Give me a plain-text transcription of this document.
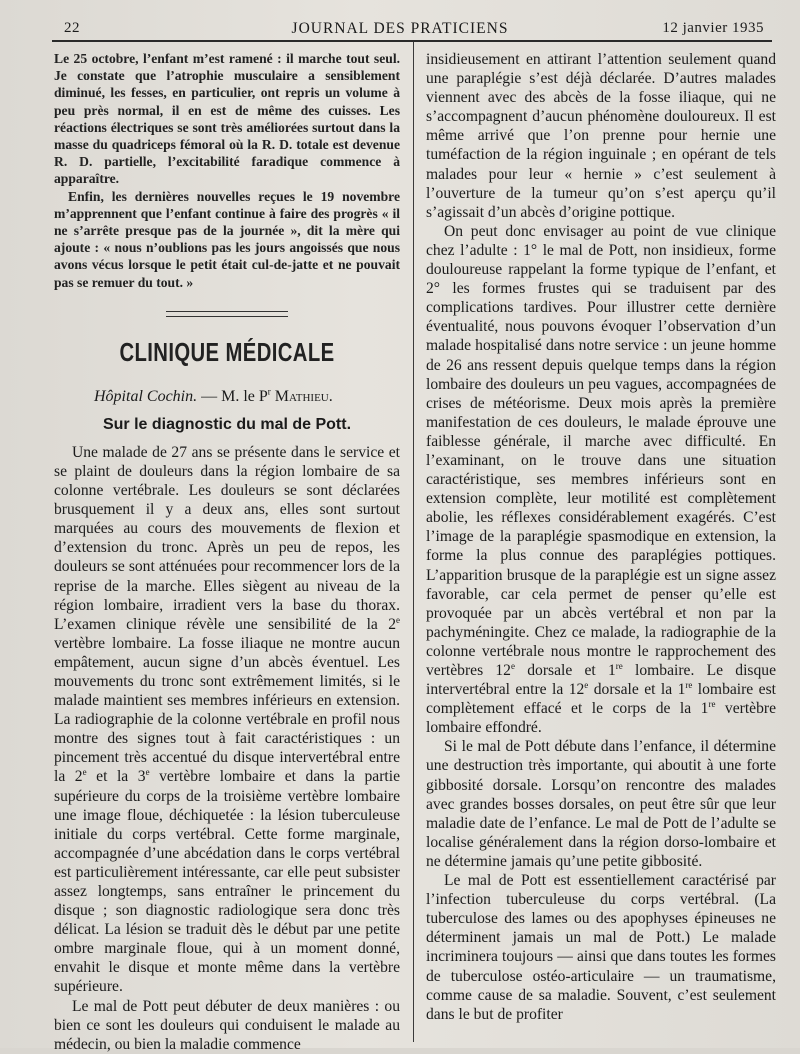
22	JOURNAL DES PRATICIENS	12 janvier 1935

Le 25 octobre, l’enfant m’est ramené : il marche tout seul. Je constate que l’atrophie musculaire a sensiblement diminué, les fesses, en particulier, ont repris un volume à peu près normal, il en est de même des cuisses. Les réactions électriques se sont très améliorées surtout dans la masse du quadriceps fémoral où la R. D. totale est devenue R. D. partielle, l’excitabilité faradique commence à apparaître.

Enfin, les dernières nouvelles reçues le 19 novembre m’apprennent que l’enfant continue à faire des progrès « il ne s’arrête presque pas de la journée », dit la mère qui ajoute : « nous n’oublions pas les jours angoissés que nous avons vécus lorsque le petit était cul-de-jatte et ne pouvait pas se remuer du tout. »

CLINIQUE MÉDICALE
Hôpital Cochin. — M. le $P^r$ Mathieu.
Sur le diagnostic du mal de Pott.

Une malade de 27 ans se présente dans le service et se plaint de douleurs dans la région lombaire de sa colonne vertébrale. Les douleurs se sont déclarées brusquement il y a deux ans, elles sont surtout marquées au cours des mouvements de flexion et d’extension du tronc. Après un peu de repos, les douleurs se sont atténuées pour recommencer lors de la reprise de la marche. Elles siègent au niveau de la région lombaire, irradient vers la base du thorax. L’examen clinique révèle une sensibilité de la 2e vertèbre lombaire. La fosse iliaque ne montre aucun empâtement, aucun signe d’un abcès éventuel. Les mouvements du tronc sont extrêmement limités, si le malade maintient ses membres inférieurs en extension. La radiographie de la colonne vertébrale en profil nous montre des signes tout à fait caractéristiques : un pincement très accentué du disque intervertébral entre la 2e et la 3e vertèbre lombaire et dans la partie supérieure du corps de la troisième vertèbre lombaire une image floue, déchiquetée : la lésion tuberculeuse initiale du corps vertébral. Cette forme marginale, accompagnée d’une abcédation dans le corps vertébral est particulièrement intéressante, car elle peut subsister assez longtemps, sans entraîner le princement du disque ; son diagnostic radiologique sera donc très délicat. La lésion se traduit dès le début par une petite ombre marginale floue, qui à un moment donné, envahit le disque et monte même dans la vertèbre supérieure.

Le mal de Pott peut débuter de deux manières : ou bien ce sont les douleurs qui conduisent le malade au médecin, ou bien la maladie commence

insidieusement en attirant l’attention seulement quand une paraplégie s’est déjà déclarée. D’autres malades viennent avec des abcès de la fosse iliaque, qui ne s’accompagnent d’aucun phénomène douloureux. Il est même arrivé que l’on prenne pour hernie une tuméfaction de la région inguinale ; en opérant de tels malades pour leur « hernie » c’est seulement à l’ouverture de la tumeur qu’on s’est aperçu qu’il s’agissait d’un abcès d’origine pottique.

On peut donc envisager au point de vue clinique chez l’adulte : 1° le mal de Pott, non insidieux, forme douloureuse rappelant la forme typique de l’enfant, et 2° les formes frustes qui se traduisent par des complications tardives. Pour illustrer cette dernière éventualité, nous pouvons évoquer l’observation d’un malade hospitalisé dans notre service : un jeune homme de 26 ans ressent depuis quelque temps dans la région lombaire des douleurs un peu vagues, accompagnées de crises de météorisme. Deux mois après la première manifestation de ces douleurs, le malade éprouve une faiblesse générale, il marche avec difficulté. En l’examinant, on le trouve dans une situation caractéristique, ses membres inférieurs sont en extension complète, leur motilité est complètement abolie, les réflexes considérablement exagérés. C’est l’image de la paraplégie spasmodique en extension, la forme la plus connue des paraplégies pottiques. L’apparition brusque de la paraplégie est un signe assez favorable, car cela permet de penser qu’elle est provoquée par un abcès vertébral et non par la pachyméningite. Chez ce malade, la radiographie de la colonne vertébrale nous montre le rapprochement des vertèbres 12e dorsale et 1re lombaire. Le disque intervertébral entre la 12e dorsale et la 1re lombaire est complètement effacé et le corps de la 1re vertèbre lombaire effondré.

Si le mal de Pott débute dans l’enfance, il détermine une destruction très importante, qui aboutit à une forte gibbosité dorsale. Lorsqu’on rencontre des malades avec grandes bosses dorsales, on peut être sûr que leur maladie date de l’enfance. Le mal de Pott de l’adulte se localise généralement dans la région dorso-lombaire et ne détermine jamais qu’une petite gibbosité.

Le mal de Pott est essentiellement caractérisé par l’infection tuberculeuse du corps vertébral. (La tuberculose des lames ou des apophyses épineuses ne déterminent jamais un mal de Pott.) Le malade incriminera toujours — ainsi que dans toutes les formes de tuberculose ostéo-articulaire — un traumatisme, comme cause de sa maladie. Souvent, c’est seulement dans le but de profiter
